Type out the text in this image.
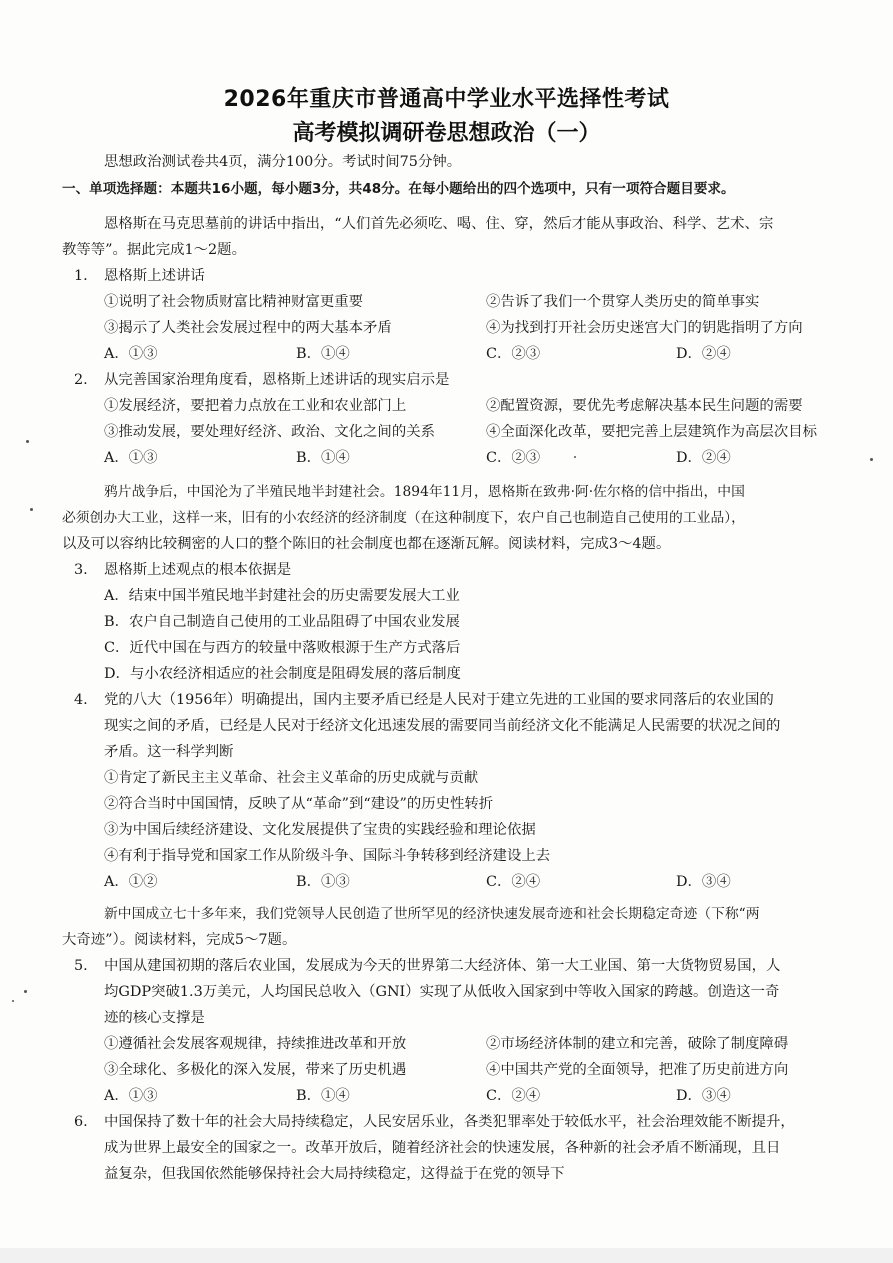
2026年重庆市普通高中学业水平选择性考试
高考模拟调研卷思想政治（一）
思想政治测试卷共4页，满分100分。考试时间75分钟。
一、单项选择题：本题共16小题，每小题3分，共48分。在每小题给出的四个选项中，只有一项符合题目要求。
恩格斯在马克思墓前的讲话中指出，“人们首先必须吃、喝、住、穿，然后才能从事政治、科学、艺术、宗
教等等”。据此完成1～2题。
1. 恩格斯上述讲话
①说明了社会物质财富比精神财富更重要	②告诉了我们一个贯穿人类历史的简单事实
③揭示了人类社会发展过程中的两大基本矛盾	④为找到打开社会历史迷宫大门的钥匙指明了方向
A．①③	B．①④	C．②③	D．②④
2. 从完善国家治理角度看，恩格斯上述讲话的现实启示是
①发展经济，要把着力点放在工业和农业部门上	②配置资源，要优先考虑解决基本民生问题的需要
③推动发展，要处理好经济、政治、文化之间的关系	④全面深化改革，要把完善上层建筑作为高层次目标
A．①③	B．①④	C．②③	D．②④
鸦片战争后，中国沦为了半殖民地半封建社会。1894年11月，恩格斯在致弗·阿·佐尔格的信中指出，中国
必须创办大工业，这样一来，旧有的小农经济的经济制度（在这种制度下，农户自己也制造自己使用的工业品），
以及可以容纳比较稠密的人口的整个陈旧的社会制度也都在逐渐瓦解。阅读材料，完成3～4题。
3. 恩格斯上述观点的根本依据是
A．结束中国半殖民地半封建社会的历史需要发展大工业
B．农户自己制造自己使用的工业品阻碍了中国农业发展
C．近代中国在与西方的较量中落败根源于生产方式落后
D．与小农经济相适应的社会制度是阻碍发展的落后制度
4. 党的八大（1956年）明确提出，国内主要矛盾已经是人民对于建立先进的工业国的要求同落后的农业国的
现实之间的矛盾，已经是人民对于经济文化迅速发展的需要同当前经济文化不能满足人民需要的状况之间的
矛盾。这一科学判断
①肯定了新民主主义革命、社会主义革命的历史成就与贡献
②符合当时中国国情，反映了从“革命”到“建设”的历史性转折
③为中国后续经济建设、文化发展提供了宝贵的实践经验和理论依据
④有利于指导党和国家工作从阶级斗争、国际斗争转移到经济建设上去
A．①②	B．①③	C．②④	D．③④
新中国成立七十多年来，我们党领导人民创造了世所罕见的经济快速发展奇迹和社会长期稳定奇迹（下称“两
大奇迹”）。阅读材料，完成5～7题。
5. 中国从建国初期的落后农业国，发展成为今天的世界第二大经济体、第一大工业国、第一大货物贸易国，人
均GDP突破1.3万美元，人均国民总收入（GNI）实现了从低收入国家到中等收入国家的跨越。创造这一奇
迹的核心支撑是
①遵循社会发展客观规律，持续推进改革和开放	②市场经济体制的建立和完善，破除了制度障碍
③全球化、多极化的深入发展，带来了历史机遇	④中国共产党的全面领导，把准了历史前进方向
A．①③	B．①④	C．②④	D．③④
6. 中国保持了数十年的社会大局持续稳定，人民安居乐业，各类犯罪率处于较低水平，社会治理效能不断提升，
成为世界上最安全的国家之一。改革开放后，随着经济社会的快速发展，各种新的社会矛盾不断涌现，且日
益复杂，但我国依然能够保持社会大局持续稳定，这得益于在党的领导下
